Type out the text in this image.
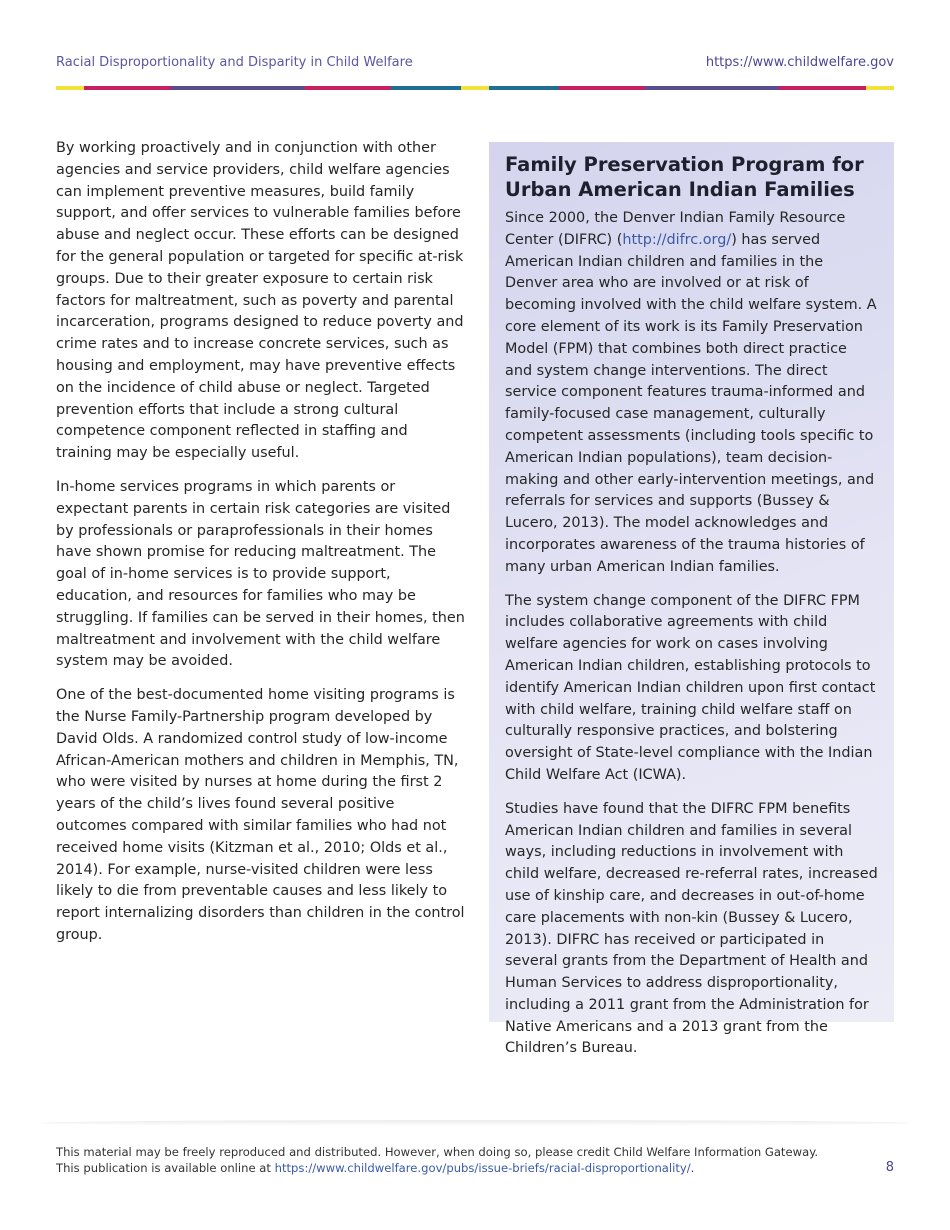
Racial Disproportionality and Disparity in Child Welfare	https://www.childwelfare.gov

By working proactively and in conjunction with other agencies and service providers, child welfare agencies can implement preventive measures, build family support, and offer services to vulnerable families before abuse and neglect occur. These efforts can be designed for the general population or targeted for specific at-risk groups. Due to their greater exposure to certain risk factors for maltreatment, such as poverty and parental incarceration, programs designed to reduce poverty and crime rates and to increase concrete services, such as housing and employment, may have preventive effects on the incidence of child abuse or neglect. Targeted prevention efforts that include a strong cultural competence component reflected in staffing and training may be especially useful.

In-home services programs in which parents or expectant parents in certain risk categories are visited by professionals or paraprofessionals in their homes have shown promise for reducing maltreatment. The goal of in-home services is to provide support, education, and resources for families who may be struggling. If families can be served in their homes, then maltreatment and involvement with the child welfare system may be avoided.

One of the best-documented home visiting programs is the Nurse Family-Partnership program developed by David Olds. A randomized control study of low-income African-American mothers and children in Memphis, TN, who were visited by nurses at home during the first 2 years of the child’s lives found several positive outcomes compared with similar families who had not received home visits (Kitzman et al., 2010; Olds et al., 2014). For example, nurse-visited children were less likely to die from preventable causes and less likely to report internalizing disorders than children in the control group.

Family Preservation Program for Urban American Indian Families

Since 2000, the Denver Indian Family Resource Center (DIFRC) (http://difrc.org/) has served American Indian children and families in the Denver area who are involved or at risk of becoming involved with the child welfare system. A core element of its work is its Family Preservation Model (FPM) that combines both direct practice and system change interventions. The direct service component features trauma-informed and family-focused case management, culturally competent assessments (including tools specific to American Indian populations), team decision-making and other early-intervention meetings, and referrals for services and supports (Bussey & Lucero, 2013). The model acknowledges and incorporates awareness of the trauma histories of many urban American Indian families.

The system change component of the DIFRC FPM includes collaborative agreements with child welfare agencies for work on cases involving American Indian children, establishing protocols to identify American Indian children upon first contact with child welfare, training child welfare staff on culturally responsive practices, and bolstering oversight of State-level compliance with the Indian Child Welfare Act (ICWA).

Studies have found that the DIFRC FPM benefits American Indian children and families in several ways, including reductions in involvement with child welfare, decreased re-referral rates, increased use of kinship care, and decreases in out-of-home care placements with non-kin (Bussey & Lucero, 2013). DIFRC has received or participated in several grants from the Department of Health and Human Services to address disproportionality, including a 2011 grant from the Administration for Native Americans and a 2013 grant from the Children’s Bureau.

This material may be freely reproduced and distributed. However, when doing so, please credit Child Welfare Information Gateway.
This publication is available online at https://www.childwelfare.gov/pubs/issue-briefs/racial-disproportionality/.	8
